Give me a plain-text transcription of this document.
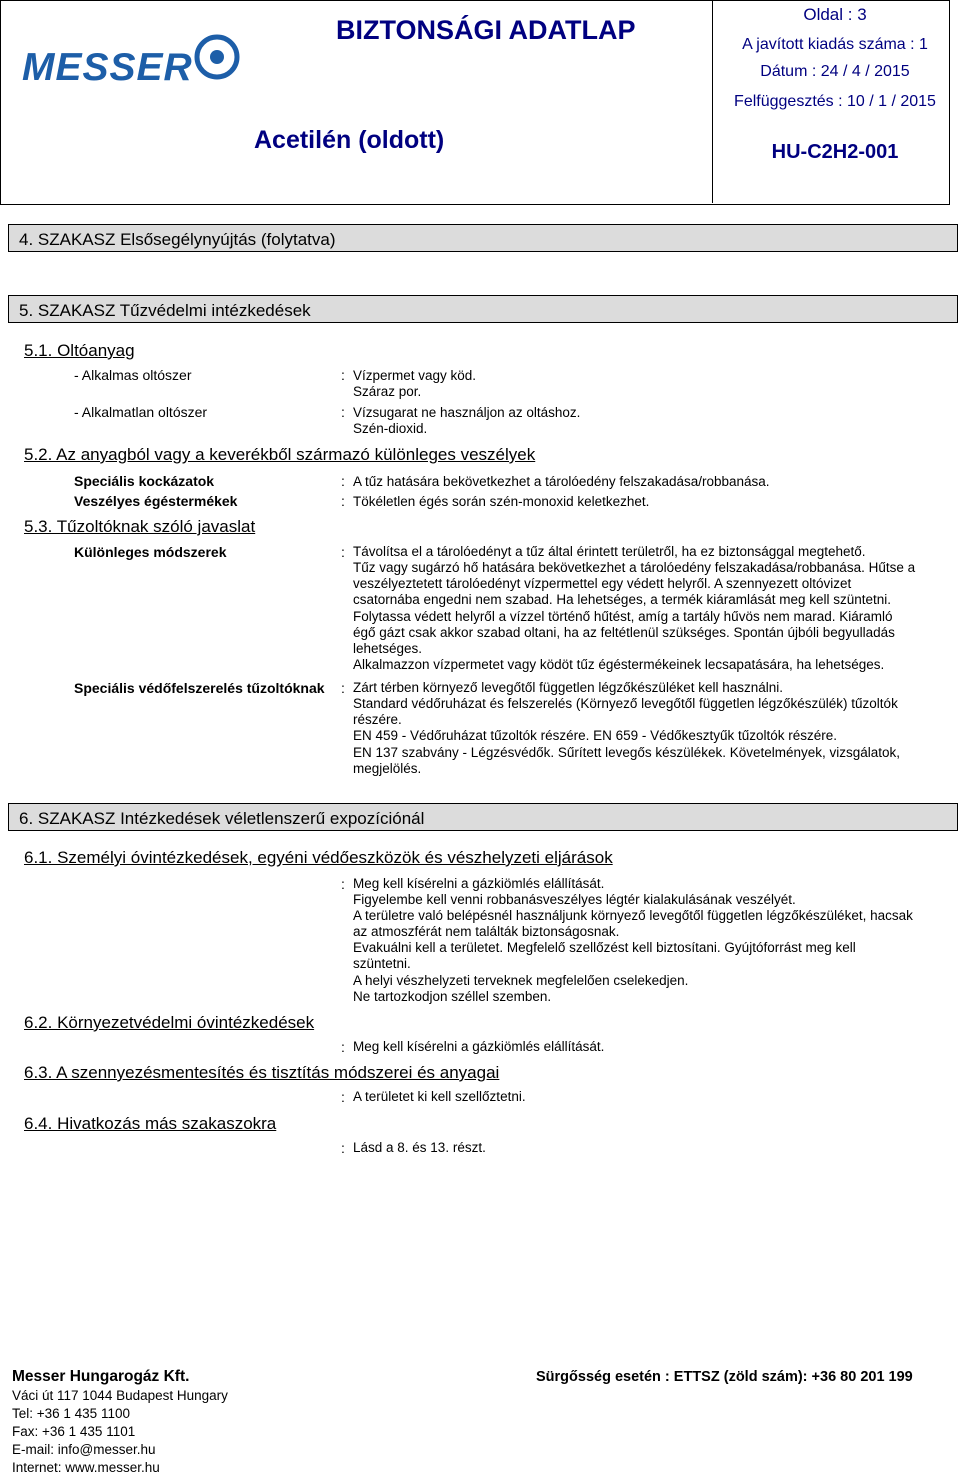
MESSER
BIZTONSÁGI ADATLAP
Acetilén (oldott)
Oldal : 3
A javított kiadás száma : 1
Dátum : 24 / 4 / 2015
Felfüggesztés : 10 / 1 / 2015
HU-C2H2-001
4. SZAKASZ Elsősegélynyújtás (folytatva)
5. SZAKASZ Tűzvédelmi intézkedések
5.1. Oltóanyag
- Alkalmas oltószer	: Vízpermet vagy köd.
Száraz por.
- Alkalmatlan oltószer	: Vízsugarat ne használjon az oltáshoz.
Szén-dioxid.
5.2. Az anyagból vagy a keverékből származó különleges veszélyek
Speciális kockázatok	: A tűz hatására bekövetkezhet a tárolóedény felszakadása/robbanása.
Veszélyes égéstermékek	: Tökéletlen égés során szén-monoxid keletkezhet.
5.3. Tűzoltóknak szóló javaslat
Különleges módszerek	: Távolítsa el a tárolóedényt a tűz által érintett területről, ha ez biztonsággal megtehető.
Tűz vagy sugárzó hő hatására bekövetkezhet a tárolóedény felszakadása/robbanása. Hűtse a
veszélyeztetett tárolóedényt vízpermettel egy védett helyről. A szennyezett oltóvizet
csatornába engedni nem szabad. Ha lehetséges, a termék kiáramlását meg kell szüntetni.
Folytassa védett helyről a vízzel történő hűtést, amíg a tartály hűvös nem marad. Kiáramló
égő gázt csak akkor szabad oltani, ha az feltétlenül szükséges. Spontán újbóli begyulladás
lehetséges.
Alkalmazzon vízpermetet vagy ködöt tűz égéstermékeinek lecsapatására, ha lehetséges.
Speciális védőfelszerelés tűzoltóknak : Zárt térben környező levegőtől független légzőkészüléket kell használni.
Standard védőruházat és felszerelés (Környező levegőtől független légzőkészülék) tűzoltók
részére.
EN 459 - Védőruházat tűzoltók részére. EN 659 - Védőkesztyűk tűzoltók részére.
EN 137 szabvány - Légzésvédők. Sűrített levegős készülékek. Követelmények, vizsgálatok,
megjelölés.
6. SZAKASZ Intézkedések véletlenszerű expozíciónál
6.1. Személyi óvintézkedések, egyéni védőeszközök és vészhelyzeti eljárások
: Meg kell kísérelni a gázkiömlés elállítását.
Figyelembe kell venni robbanásveszélyes légtér kialakulásának veszélyét.
A területre való belépésnél használjunk környező levegőtől független légzőkészüléket, hacsak
az atmoszférát nem találták biztonságosnak.
Evakuálni kell a területet. Megfelelő szellőzést kell biztosítani. Gyújtóforrást meg kell
szüntetni.
A helyi vészhelyzeti terveknek megfelelően cselekedjen.
Ne tartozkodjon széllel szemben.
6.2. Környezetvédelmi óvintézkedések
: Meg kell kísérelni a gázkiömlés elállítását.
6.3. A szennyezésmentesítés és tisztítás módszerei és anyagai
: A területet ki kell szellőztetni.
6.4. Hivatkozás más szakaszokra
: Lásd a 8. és 13. részt.
Messer Hungarogáz Kft.
Váci út 117 1044 Budapest Hungary
Tel: +36 1 435 1100
Fax: +36 1 435 1101
E-mail: info@messer.hu
Internet: www.messer.hu
Sürgősség esetén : ETTSZ (zöld szám): +36 80 201 199
